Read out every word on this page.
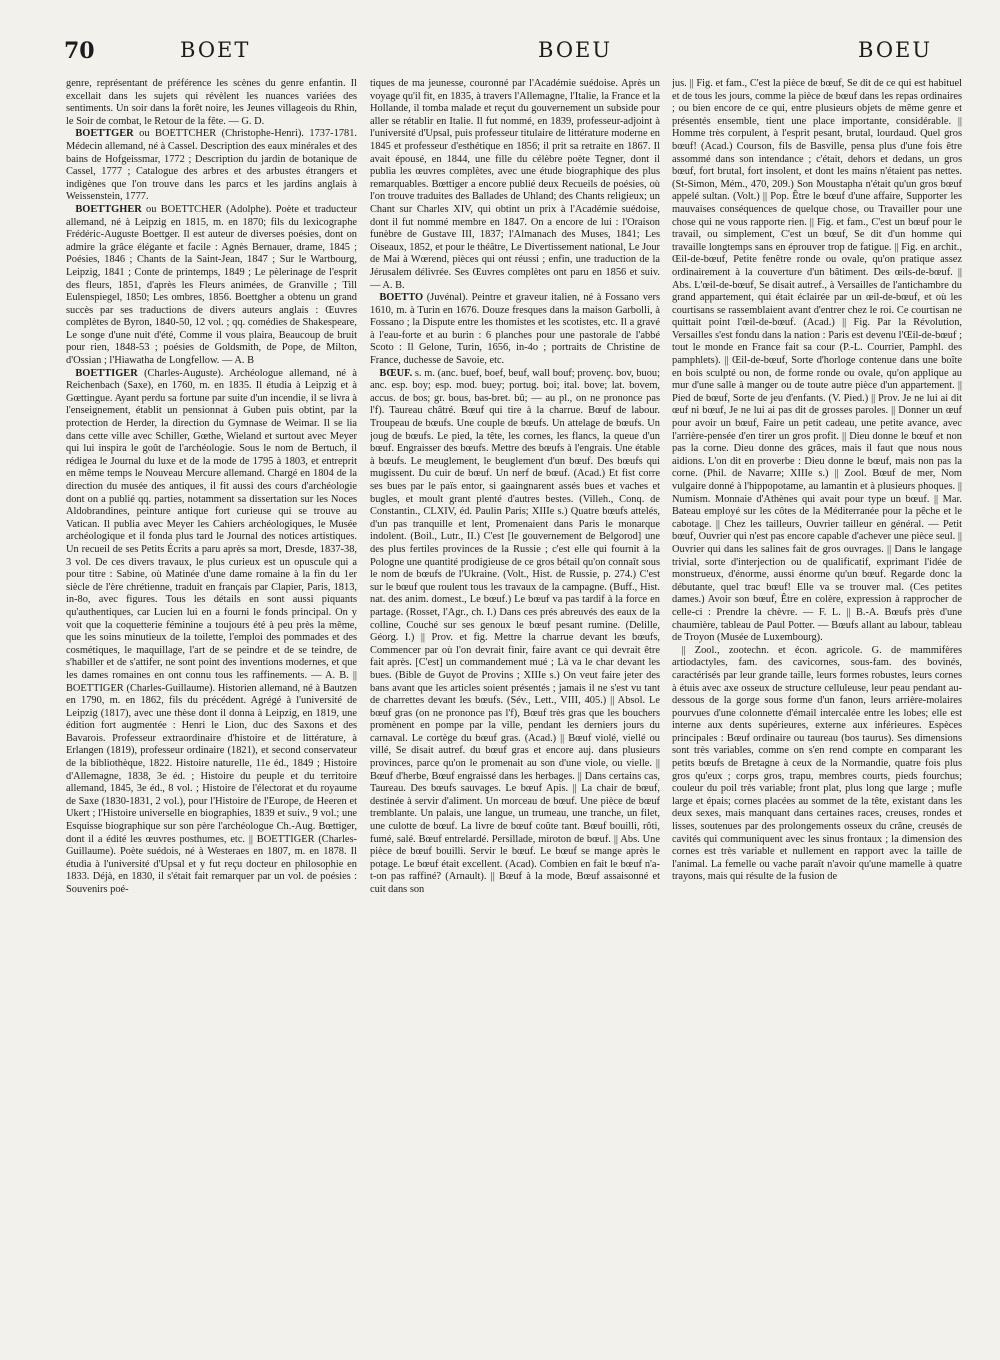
70	BOET	BOEU	BOEU

genre, représentant de préférence les scènes du genre enfantin. Il excellait dans les sujets qui révèlent les nuances variées des sentiments. Un soir dans la forêt noire, les Jeunes villageois du Rhin, le Soir de combat, le Retour de la fête. — G. D.

BOETTGER ou BOETTCHER (Christophe-Henri). 1737-1781. Médecin allemand, né à Cassel. Description des eaux minérales et des bains de Hofgeissmar, 1772 ; Description du jardin de botanique de Cassel, 1777 ; Catalogue des arbres et des arbustes étrangers et indigènes que l'on trouve dans les parcs et les jardins anglais à Weissenstein, 1777.

BOETTGHER ou BOETTCHER (Adolphe). Poète et traducteur allemand, né à Leipzig en 1815, m. en 1870; fils du lexicographe Frédéric-Auguste Boettger. Il est auteur de diverses poésies, dont on admire la grâce élégante et facile : Agnès Bernauer, drame, 1845 ; Poésies, 1846 ; Chants de la Saint-Jean, 1847 ; Sur le Wartbourg, Leipzig, 1841 ; Conte de printemps, 1849 ; Le pèlerinage de l'esprit des fleurs, 1851, d'après les Fleurs animées, de Granville ; Till Eulenspiegel, 1850; Les ombres, 1856. Boettgher a obtenu un grand succès par ses traductions de divers auteurs anglais : Œuvres complètes de Byron, 1840-50, 12 vol. ; qq. comédies de Shakespeare, Le songe d'une nuit d'été, Comme il vous plaira, Beaucoup de bruit pour rien, 1848-53 ; poésies de Goldsmith, de Pope, de Milton, d'Ossian ; l'Hiawatha de Longfellow. — A. B

BOETTIGER (Charles-Auguste). Archéologue allemand, né à Reichenbach (Saxe), en 1760, m. en 1835. Il étudia à Leipzig et à Gœttingue. Ayant perdu sa fortune par suite d'un incendie, il se livra à l'enseignement, établit un pensionnat à Guben puis obtint, par la protection de Herder, la direction du Gymnase de Weimar. Il se lia dans cette ville avec Schiller, Gœthe, Wieland et surtout avec Meyer qui lui inspira le goût de l'archéologie. Sous le nom de Bertuch, il rédigea le Journal du luxe et de la mode de 1795 à 1803, et entreprit en même temps le Nouveau Mercure allemand. Chargé en 1804 de la direction du musée des antiques, il fit aussi des cours d'archéologie dont on a publié qq. parties, notamment sa dissertation sur les Noces Aldobrandines, peinture antique fort curieuse qui se trouve au Vatican. Il publia avec Meyer les Cahiers archéologiques, le Musée archéologique et il fonda plus tard le Journal des notices artistiques. Un recueil de ses Petits Écrits a paru après sa mort, Dresde, 1837-38, 3 vol. De ces divers travaux, le plus curieux est un opuscule qui a pour titre : Sabine, où Matinée d'une dame romaine à la fin du 1er siècle de l'ère chrétienne, traduit en français par Clapier, Paris, 1813, in-8o, avec figures. Tous les détails en sont aussi piquants qu'authentiques, car Lucien lui en a fourni le fonds principal. On y voit que la coquetterie féminine a toujours été à peu près la même, que les soins minutieux de la toilette, l'emploi des pommades et des cosmétiques, le maquillage, l'art de se peindre et de se teindre, de s'habiller et de s'attifer, ne sont point des inventions modernes, et que les dames romaines en ont connu tous les raffinements. — A. B. || BOETTIGER (Charles-Guillaume). Historien allemand, né à Bautzen en 1790, m. en 1862, fils du précédent. Agrégé à l'université de Leipzig (1817), avec une thèse dont il donna à Leipzig, en 1819, une édition fort augmentée : Henri le Lion, duc des Saxons et des Bavarois. Professeur extraordinaire d'histoire et de littérature, à Erlangen (1819), professeur ordinaire (1821), et second conservateur de la bibliothèque, 1822. Histoire naturelle, 11e éd., 1849 ; Histoire d'Allemagne, 1838, 3e éd. ; Histoire du peuple et du territoire allemand, 1845, 3e éd., 8 vol. ; Histoire de l'électorat et du royaume de Saxe (1830-1831, 2 vol.), pour l'Histoire de l'Europe, de Heeren et Ukert ; l'Histoire universelle en biographies, 1839 et suiv., 9 vol.; une Esquisse biographique sur son père l'archéologue Ch.-Aug. Bœttiger, dont il a édité les œuvres posthumes, etc. || BOETTIGER (Charles-Guillaume). Poète suédois, né à Westeraes en 1807, m. en 1878. Il étudia à l'université d'Upsal et y fut reçu docteur en philosophie en 1833. Déjà, en 1830, il s'était fait remarquer par un vol. de poésies : Souvenirs poé-

tiques de ma jeunesse, couronné par l'Académie suédoise. Après un voyage qu'il fit, en 1835, à travers l'Allemagne, l'Italie, la France et la Hollande, il tomba malade et reçut du gouvernement un subside pour aller se rétablir en Italie. Il fut nommé, en 1839, professeur-adjoint à l'université d'Upsal, puis professeur titulaire de littérature moderne en 1845 et professeur d'esthétique en 1856; il prit sa retraite en 1867. Il avait épousé, en 1844, une fille du célèbre poète Tegner, dont il publia les œuvres complètes, avec une étude biographique des plus remarquables. Bœttiger a encore publié deux Recueils de poésies, où l'on trouve traduites des Ballades de Uhland; des Chants religieux; un Chant sur Charles XIV, qui obtint un prix à l'Académie suédoise, dont il fut nommé membre en 1847. On a encore de lui : l'Oraison funèbre de Gustave III, 1837; l'Almanach des Muses, 1841; Les Oiseaux, 1852, et pour le théâtre, Le Divertissement national, Le Jour de Mai à Wœrend, pièces qui ont réussi ; enfin, une traduction de la Jérusalem délivrée. Ses Œuvres complètes ont paru en 1856 et suiv. — A. B.

BOETTO (Juvénal). Peintre et graveur italien, né à Fossano vers 1610, m. à Turin en 1676. Douze fresques dans la maison Garbolli, à Fossano ; la Dispute entre les thomistes et les scotistes, etc. Il a gravé à l'eau-forte et au burin : 6 planches pour une pastorale de l'abbé Scoto : Il Gelone, Turin, 1656, in-4o ; portraits de Christine de France, duchesse de Savoie, etc.

BŒUF. s. m. (anc. buef, boef, beuf, wall bouf; provenç. bov, buou; anc. esp. boy; esp. mod. buey; portug. boi; ital. bove; lat. bovem, accus. de bos; gr. bous, bas-bret. bû; — au pl., on ne prononce pas l'f). Taureau châtré. Bœuf qui tire à la charrue. Bœuf de labour. Troupeau de bœufs. Une couple de bœufs. Un attelage de bœufs. Un joug de bœufs. Le pied, la tête, les cornes, les flancs, la queue d'un bœuf. Engraisser des bœufs. Mettre des bœufs à l'engrais. Une étable à bœufs. Le meuglement, le beuglement d'un bœuf. Des bœufs qui mugissent. Du cuir de bœuf. Un nerf de bœuf. (Acad.) Et fist corre ses bues par le païs entor, si gaaingnarent assés bues et vaches et bugles, et moult grant plenté d'autres bestes. (Villeh., Conq. de Constantin., CLXIV, éd. Paulin Paris; XIIIe s.) Quatre bœufs attelés, d'un pas tranquille et lent, Promenaient dans Paris le monarque indolent. (Boil., Lutr., II.) C'est [le gouvernement de Belgorod] une des plus fertiles provinces de la Russie ; c'est elle qui fournit à la Pologne une quantité prodigieuse de ce gros bétail qu'on connaît sous le nom de bœufs de l'Ukraine. (Volt., Hist. de Russie, p. 274.) C'est sur le bœuf que roulent tous les travaux de la campagne. (Buff., Hist. nat. des anim. domest., Le bœuf.) Le bœuf va pas tardif à la force en partage. (Rosset, l'Agr., ch. I.) Dans ces prés abreuvés des eaux de la colline, Couché sur ses genoux le bœuf pesant rumine. (Delille, Géorg. I.) || Prov. et fig. Mettre la charrue devant les bœufs, Commencer par où l'on devrait finir, faire avant ce qui devrait être fait après. [C'est] un commandement mué ; Là va le char devant les bues. (Bible de Guyot de Provins ; XIIIe s.) On veut faire jeter des bans avant que les articles soient présentés ; jamais il ne s'est vu tant de charrettes devant les bœufs. (Sév., Lett., VIII, 405.) || Absol. Le bœuf gras (on ne prononce pas l'f), Bœuf très gras que les bouchers promènent en pompe par la ville, pendant les derniers jours du carnaval. Le cortège du bœuf gras. (Acad.) || Bœuf violé, viellé ou villé, Se disait autref. du bœuf gras et encore auj. dans plusieurs provinces, parce qu'on le promenait au son d'une viole, ou vielle. || Bœuf d'herbe, Bœuf engraissé dans les herbages. || Dans certains cas, Taureau. Des bœufs sauvages. Le bœuf Apis. || La chair de bœuf, destinée à servir d'aliment. Un morceau de bœuf. Une pièce de bœuf tremblante. Un palais, une langue, un trumeau, une tranche, un filet, une culotte de bœuf. La livre de bœuf coûte tant. Bœuf bouilli, rôti, fumé, salé. Bœuf entrelardé. Persillade, miroton de bœuf. || Abs. Une pièce de bœuf bouilli. Servir le bœuf. Le bœuf se mange après le potage. Le bœuf était excellent. (Acad). Combien en fait le bœuf n'a-t-on pas raffiné? (Arnault). || Bœuf à la mode, Bœuf assaisonné et cuit dans son

jus. || Fig. et fam., C'est la pièce de bœuf, Se dit de ce qui est habituel et de tous les jours, comme la pièce de bœuf dans les repas ordinaires ; ou bien encore de ce qui, entre plusieurs objets de même genre et présentés ensemble, tient une place importante, considérable. || Homme très corpulent, à l'esprit pesant, brutal, lourdaud. Quel gros bœuf! (Acad.) Courson, fils de Basville, pensa plus d'une fois être assommé dans son intendance ; c'était, dehors et dedans, un gros bœuf, fort brutal, fort insolent, et dont les mains n'étaient pas nettes. (St-Simon, Mém., 470, 209.) Son Moustapha n'était qu'un gros bœuf appelé sultan. (Volt.) || Pop. Être le bœuf d'une affaire, Supporter les mauvaises conséquences de quelque chose, ou Travailler pour une chose qui ne vous rapporte rien. || Fig. et fam., C'est un bœuf pour le travail, ou simplement, C'est un bœuf, Se dit d'un homme qui travaille longtemps sans en éprouver trop de fatigue. || Fig. en archit., Œil-de-bœuf, Petite fenêtre ronde ou ovale, qu'on pratique assez ordinairement à la couverture d'un bâtiment. Des œils-de-bœuf. || Abs. L'œil-de-bœuf, Se disait autref., à Versailles de l'antichambre du grand appartement, qui était éclairée par un œil-de-bœuf, et où les courtisans se rassemblaient avant d'entrer chez le roi. Ce courtisan ne quittait point l'œil-de-bœuf. (Acad.) || Fig. Par la Révolution, Versailles s'est fondu dans la nation : Paris est devenu l'Œil-de-bœuf ; tout le monde en France fait sa cour (P.-L. Courrier, Pamphl. des pamphlets). || Œil-de-bœuf, Sorte d'horloge contenue dans une boîte en bois sculpté ou non, de forme ronde ou ovale, qu'on applique au mur d'une salle à manger ou de toute autre pièce d'un appartement. || Pied de bœuf, Sorte de jeu d'enfants. (V. Pied.) || Prov. Je ne lui ai dit œuf ni bœuf, Je ne lui ai pas dit de grosses paroles. || Donner un œuf pour avoir un bœuf, Faire un petit cadeau, une petite avance, avec l'arrière-pensée d'en tirer un gros profit. || Dieu donne le bœuf et non pas la corne. Dieu donne des grâces, mais il faut que nous nous aidions. L'on dit en proverbe : Dieu donne le bœuf, mais non pas la corne. (Phil. de Navarre; XIIIe s.) || Zool. Bœuf de mer, Nom vulgaire donné à l'hippopotame, au lamantin et à plusieurs phoques. || Numism. Monnaie d'Athènes qui avait pour type un bœuf. || Mar. Bateau employé sur les côtes de la Méditerranée pour la pêche et le cabotage. || Chez les tailleurs, Ouvrier tailleur en général. — Petit bœuf, Ouvrier qui n'est pas encore capable d'achever une pièce seul. || Ouvrier qui dans les salines fait de gros ouvrages. || Dans le langage trivial, sorte d'interjection ou de qualificatif, exprimant l'idée de monstrueux, d'énorme, aussi énorme qu'un bœuf. Regarde donc la débutante, quel trac bœuf! Elle va se trouver mal. (Ces petites dames.) Avoir son bœuf, Être en colère, expression à rapprocher de celle-ci : Prendre la chèvre. — F. L. || B.-A. Bœufs près d'une chaumière, tableau de Paul Potter. — Bœufs allant au labour, tableau de Troyon (Musée de Luxembourg).

|| Zool., zootechn. et écon. agricole. G. de mammifères artiodactyles, fam. des cavicornes, sous-fam. des bovinés, caractérisés par leur grande taille, leurs formes robustes, leurs cornes à étuis avec axe osseux de structure celluleuse, leur peau pendant au-dessous de la gorge sous forme d'un fanon, leurs arrière-molaires pourvues d'une colonnette d'émail intercalée entre les lobes; elle est interne aux dents supérieures, externe aux inférieures. Espèces principales : Bœuf ordinaire ou taureau (bos taurus). Ses dimensions sont très variables, comme on s'en rend compte en comparant les petits bœufs de Bretagne à ceux de la Normandie, quatre fois plus gros qu'eux ; corps gros, trapu, membres courts, pieds fourchus; couleur du poil très variable; front plat, plus long que large ; mufle large et épais; cornes placées au sommet de la tête, existant dans les deux sexes, mais manquant dans certaines races, creuses, rondes et lisses, soutenues par des prolongements osseux du crâne, creusés de cavités qui communiquent avec les sinus frontaux ; la dimension des cornes est très variable et nullement en rapport avec la taille de l'animal. La femelle ou vache paraît n'avoir qu'une mamelle à quatre trayons, mais qui résulte de la fusion de
